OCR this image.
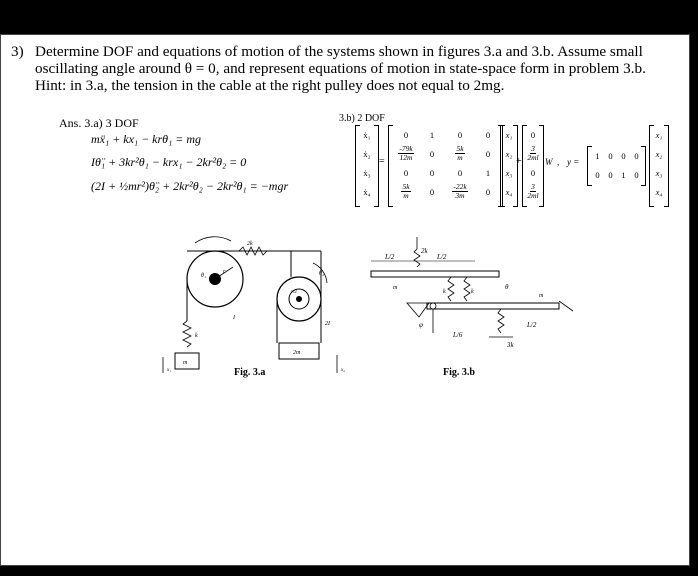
3) Determine DOF and equations of motion of the systems shown in figures 3.a and 3.b. Assume small
oscillating angle around θ = 0, and represent equations of motion in state-space form in problem 3.b.
Hint: in 3.a, the tension in the cable at the right pulley does not equal to 2mg.
Ans. 3.a) 3 DOF
mẍ₁ + kx₁ − krθ₁ = mg
Iθ̈₁ + 3kr²θ₁ − krx₁ − 2kr²θ₂ = 0
(2I + ½mr²)θ̈₂ + 2kr²θ₂ − 2kr²θ₁ = −mgr
3.b) 2 DOF
ẋ₁
ẋ₂
ẋ₃
ẋ₄
=
0	1	0	0
$\frac{-79k}{12m}$	0	$\frac{5k}{m}$	0
0	0	0	1
$\frac{5k}{m}$	0	$\frac{-22k}{3m}$	0
x₁
x₂
x₃
x₄
+
0
$\frac{3}{2ml}$
0
$\frac{3}{2ml}$
W , y =
1	0	0	0
0	0	1	0
x₁
x₂
x₃
x₄
θ₁
2k
θ₂
r
r/2
I
2I
k
m
2m
x₁	x₂
Fig. 3.a
2k
L/2	L/2
m
k	k
θ
m
φ	L/2
L/6
3k
Fig. 3.b
